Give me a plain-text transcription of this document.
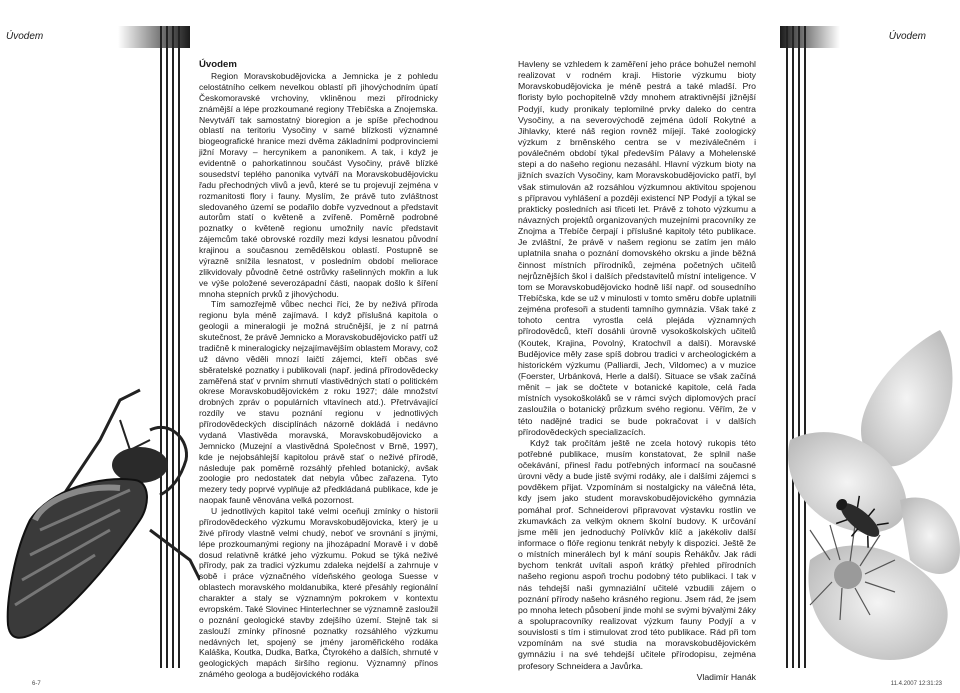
Úvodem	Úvodem
Úvodem

Region Moravskobudějovicka a Jemnicka je z pohledu celostátního celkem nevelkou oblastí při jihovýchodním úpatí Českomoravské vrchoviny, vkliněnou mezi přírodnicky známější a lépe prozkoumané regiony Třebíčska a Znojemska. Nevytváří tak samostatný bioregion a je spíše přechodnou oblastí na teritoriu Vysočiny v samé blízkosti významné biogeografické hranice mezi dvěma základními podprovinciemi jižní Moravy – hercynikem a panonikem. A tak, i když je evidentně o pahorkatinnou součást Vysočiny, právě blízké sousedství teplého panonika vytváří na Moravskobudějovicku řadu přechodných vlivů a jevů, které se tu projevují zejména v rozmanitosti flory i fauny. Myslím, že právě tuto zvláštnost sledovaného území se podařilo dobře vyzvednout a představit autorům statí o květeně a zvířeně. Poměrně podrobné poznatky o květeně regionu umožnily navíc představit zájemcům také obrovské rozdíly mezi kdysi lesnatou původní krajinou a současnou zemědělskou oblastí. Postupně se výrazně snížila lesnatost, v posledním období meliorace zlikvidovaly původně četné ostrůvky rašelinných mokřin a luk ve výše položené severozápadní části, naopak došlo k šíření mnoha stepních prvků z jihovýchodu.

Tím samozřejmě vůbec nechci říci, že by neživá příroda regionu byla méně zajímavá. I když příslušná kapitola o geologii a mineralogii je možná stručnější, je z ní patrná skutečnost, že právě Jemnicko a Moravskobudějovicko patří už tradičně k mineralogicky nejzajímavějším oblastem Moravy, což už dávno věděli mnozí laičtí zájemci, kteří občas své sběratelské poznatky i publikovali (např. jediná přírodovědecky zaměřená stať v prvním shrnutí vlastivědných statí o politickém okrese Moravskobudějovickém z roku 1927; dále množství drobných zpráv o populárních vltavínech atd.). Přetrvávající rozdíly ve stavu poznání regionu v jednotlivých přírodovědeckých disciplínách názorně dokládá i nedávno vydaná Vlastivěda moravská, Moravskobudějovicko a Jemnicko (Muzejní a vlastivědná Společnost v Brně, 1997), kde je nejobsáhlejší kapitolou právě stať o neživé přírodě, následuje pak poměrně rozsáhlý přehled botanický, avšak zoologie pro nedostatek dat nebyla vůbec zařazena. Tyto mezery tedy poprvé vyplňuje až předkládaná publikace, kde je naopak fauně věnována velká pozornost.

U jednotlivých kapitol také velmi oceňuji zmínky o historii přírodovědeckého výzkumu Moravskobudějovicka, který je u živé přírody vlastně velmi chudý, neboť ve srovnání s jinými, lépe prozkoumanými regiony na jihozápadní Moravě i v době dosud relativně krátké jeho výzkumu. Pokud se týká neživé přírody, pak za tradici výzkumu zdaleka nejdelší a zahrnuje v sobě i práce význačného vídeňského geologa Suesse v oblastech moravského moldanubika, které přesáhly regionální charakter a staly se významným pokrokem v kontextu evropském. Také Slovinec Hinterlechner se významně zasloužil o poznání geologické stavby zdejšího území. Stejně tak si zaslouží zmínky přínosné poznatky rozsáhlého výzkumu nedávných let, spojený se jmény jaroměřického rodáka Kaláška, Koutka, Dudka, Baťka, Čtyrokého a dalších, shrnuté v geologických mapách širšího regionu. Významný přínos známého geologa a budějovického rodáka

Havleny se vzhledem k zaměření jeho práce bohužel nemohl realizovat v rodném kraji. Historie výzkumu bioty Moravskobudějovicka je méně pestrá a také mladší. Pro floristy bylo pochopitelně vždy mnohem atraktivnější jižnější Podyjí, kudy pronikaly teplomilné prvky daleko do centra Vysočiny, a na severovýchodě zejména údolí Rokytné a Jihlavky, které náš region rovněž míjejí. Také zoologický výzkum z brněnského centra se v meziválečném i poválečném období týkal především Pálavy a Mohelenské stepi a do našeho regionu nezasáhl. Hlavní výzkum bioty na jižních svazích Vysočiny, kam Moravskobudějovicko patří, byl však stimulován až rozsáhlou výzkumnou aktivitou spojenou s přípravou vyhlášení a později existencí NP Podyjí a týkal se prakticky posledních asi třiceti let. Právě z tohoto výzkumu a návazných projektů organizovaných muzejními pracovníky ze Znojma a Třebíče čerpají i příslušné kapitoly této publikace. Je zvláštní, že právě v našem regionu se zatím jen málo uplatnila snaha o poznání domovského okrsku a jinde běžná činnost místních přírodníků, zejména početných učitelů nejrůznějších škol i dalších představitelů místní inteligence. V tom se Moravskobudějovicko hodně liší např. od sousedního Třebíčska, kde se už v minulosti v tomto směru dobře uplatnili zejména profesoři a studenti tamního gymnázia. Však také z tohoto centra vyrostla celá plejáda významných přírodovědců, kteří dosáhli úrovně vysokoškolských učitelů (Koutek, Krajina, Povolný, Kratochvíl a další). Moravské Budějovice měly zase spíš dobrou tradici v archeologickém a historickém výzkumu (Palliardi, Jech, Vildomec) a v muzice (Foerster, Urbánková, Herle a další). Situace se však začíná měnit – jak se dočtete v botanické kapitole, celá řada místních vysokoškoláků se v rámci svých diplomových prací zasloužila o botanický průzkum svého regionu. Věřím, že v této nadějné tradici se bude pokračovat i v dalších přírodovědeckých specializacích.

Když tak pročítám ještě ne zcela hotový rukopis této potřebné publikace, musím konstatovat, že splnil naše očekávání, přinesl řadu potřebných informací na současné úrovni vědy a bude jistě svými rodáky, ale i dalšími zájemci s povděkem přijat. Vzpomínám si nostalgicky na válečná léta, kdy jsem jako student moravskobudějovického gymnázia pomáhal prof. Schneiderovi připravovat výstavku rostlin ve zkumavkách za velkým oknem školní budovy. K určování jsme měli jen jednoduchý Polívkův klíč a jakékoliv další informace o flóře regionu tenkrát nebyly k dispozici. Ještě že o místních minerálech byl k mání soupis Řehákův. Jak rádi bychom tenkrát uvítali aspoň krátký přehled přírodních našeho regionu aspoň trochu podobný této publikaci. I tak v nás tehdejší naši gymnaziální učitelé vzbudili zájem o poznání přírody našeho krásného regionu. Jsem rád, že jsem po mnoha letech působení jinde mohl se svými bývalými žáky a spolupracovníky realizovat výzkum fauny Podyjí a v souvislosti s tím i stimulovat zrod této publikace. Rád při tom vzpomínám na své studia na moravskobudějovickém gymnáziu i na své tehdejší učitele přírodopisu, zejména profesory Schneidera a Javůrka.

Vladimír Hanák

6-7	11.4.2007 12:31:23
